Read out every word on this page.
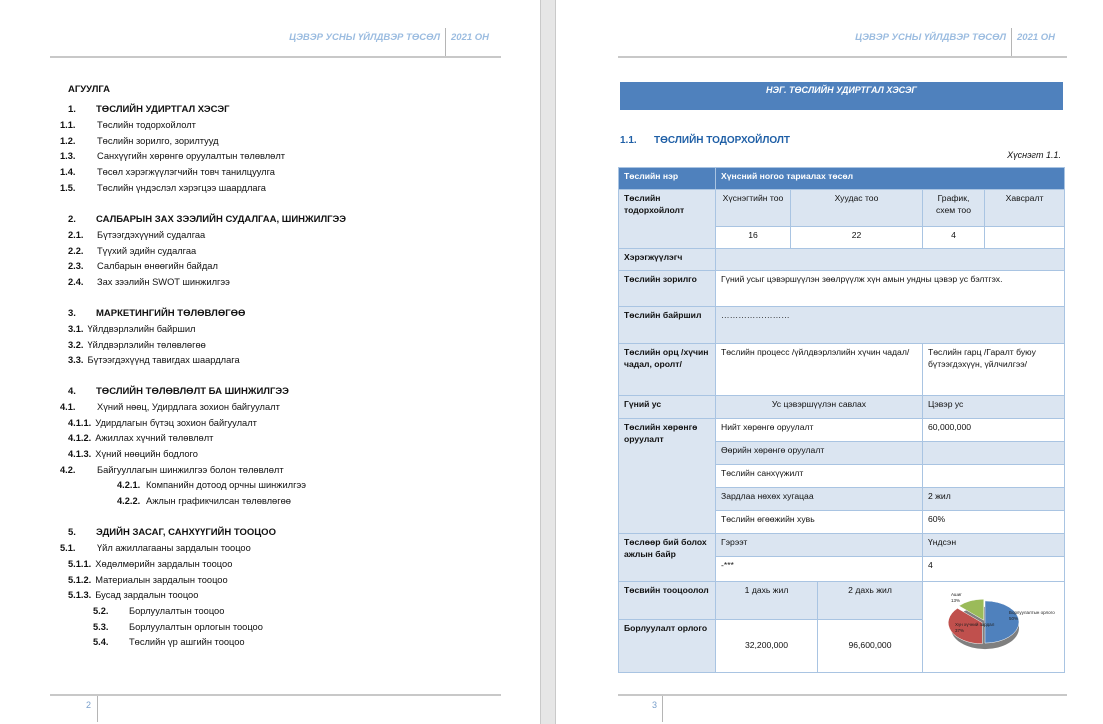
ЦЭВЭР УСНЫ ҮЙЛДВЭР ТӨСӨЛ 2021 ОН
АГУУЛГА
1. ТӨСЛИЙН УДИРТГАЛ ХЭСЭГ
1.1. Төслийн тодорхойлолт
1.2. Төслийн зорилго, зорилтууд
1.3. Санхүүгийн хөрөнгө оруулалтын төлөвлөлт
1.4. Төсөл хэрэгжүүлэгчийн товч танилцуулга
1.5. Төслийн үндэслэл хэрэгцээ шаардлага
2. САЛБАРЫН ЗАХ ЗЭЭЛИЙН СУДАЛГАА, ШИНЖИЛГЭЭ
2.1. Бүтээгдэхүүний судалгаа
2.2. Түүхий эдийн судалгаа
2.3. Салбарын өнөөгийн байдал
2.4. Зах зээлийн SWOT шинжилгээ
3. МАРКЕТИНГИЙН ТӨЛӨВЛӨГӨӨ
3.1. Үйлдвэрлэлийн байршил
3.2. Үйлдвэрлэлийн төлөвлөгөө
3.3. Бүтээгдэхүүнд тавигдах шаардлага
4. ТӨСЛИЙН ТӨЛӨВЛӨЛТ БА ШИНЖИЛГЭЭ
4.1. Хүний нөөц, Удирдлага зохион байгуулалт
4.1.1. Удирдлагын бүтэц зохион байгуулалт
4.1.2. Ажиллах хүчний төлөвлөлт
4.1.3. Хүний нөөцийн бодлого
4.2. Байгууллагын шинжилгээ болон төлөвлөлт
4.2.1. Компанийн дотоод орчны шинжилгээ
4.2.2. Ажлын графикчилсан төлөвлөгөө
5. ЭДИЙН ЗАСАГ, САНХҮҮГИЙН ТООЦОО
5.1. Үйл ажиллагааны зардалын тооцоо
5.1.1. Хөдөлмөрийн зардалын тооцоо
5.1.2. Материалын зардалын тооцоо
5.1.3. Бусад зардалын тооцоо
5.2. Борлуулалтын тооцоо
5.3. Борлуулалтын орлогын тооцоо
5.4. Төслийн үр ашгийн тооцоо
2
ЦЭВЭР УСНЫ ҮЙЛДВЭР ТӨСӨЛ 2021 ОН
НЭГ. ТӨСЛИЙН УДИРТГАЛ ХЭСЭГ
1.1. ТӨСЛИЙН ТОДОРХОЙЛОЛТ
Хүснэгт 1.1.
Төслийн нэр	Хүнсний ногоо тариалах төсөл				
Төслийн тодорхойлолт	Хүснэгтийн тоо	Хуудас тоо		График, схем тоо	Хавсралт
	16	22		4	
Хэрэгжүүлэгч					
Төслийн зорилго	Гүний усыг цэвэршүүлэн зөөлрүүлж хүн амын ундны цэвэр ус бэлтгэх.				
Төслийн байршил	……………………				
Төслийн орц /хүчин чадал, оролт/	Төслийн процесс /үйлдвэрлэлийн хүчин чадал/			Төслийн гарц /Гаралт буюу бүтээгдэхүүн, үйлчилгээ/	
Гүний ус	Ус цэвэршүүлэн савлах			Цэвэр ус	
Төслийн хөрөнгө оруулалт	Нийт хөрөнгө оруулалт			60,000,000	
	Өөрийн хөрөнгө оруулалт				
	Төслийн санхүүжилт				
	Зардлаа нөхөх хугацаа			2 жил	
	Төслийн өгөөжийн хувь			60%	
Төслөөр бий болох ажлын байр	Гэрээт			Үндсэн	
	-***			4	
Төсвийн тооцоолол	1 дахь жил		2 дахь жил	Борлуулалтын орлого 50%
Хүн хүчний зардал 37%
Ашиг 13%	

Борлуулалт орлого	32,200,000		96,600,000		
3
